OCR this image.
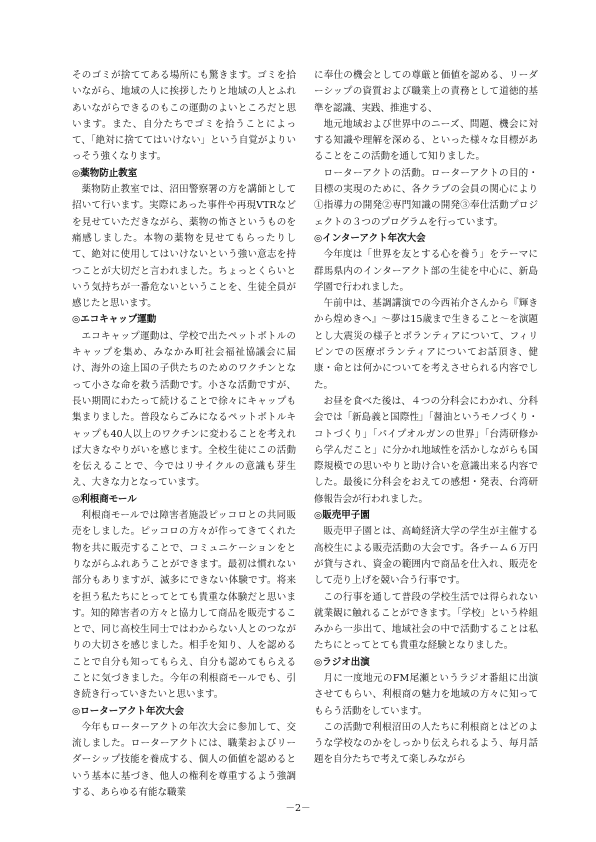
そのゴミが捨ててある場所にも驚きます。ゴミを拾いながら、地域の人に挨拶したりと地域の人とふれあいながらできるのもこの運動のよいところだと思います。また、自分たちでゴミを拾うことによって、「絶対に捨ててはいけない」という自覚がよりいっそう強くなります。

◎薬物防止教室

薬物防止教室では、沼田警察署の方を講師として招いて行います。実際にあった事件や再現VTRなどを見せていただきながら、薬物の怖さというものを痛感しました。本物の薬物を見せてもらったりして、絶対に使用してはいけないという強い意志を持つことが大切だと言われました。ちょっとくらいという気持ちが一番危ないということを、生徒全員が感じたと思います。

◎エコキャップ運動

エコキャップ運動は、学校で出たペットボトルのキャップを集め、みなかみ町社会福祉協議会に届け、海外の途上国の子供たちのためのワクチンとなって小さな命を救う活動です。小さな活動ですが、長い期間にわたって続けることで徐々にキャップも集まりました。普段ならごみになるペットボトルキャップも40人以上のワクチンに変わることを考えれば大きなやりがいを感じます。全校生徒にこの活動を伝えることで、今ではリサイクルの意識も芽生え、大きな力となっています。

◎利根商モール

利根商モールでは障害者施設ピッコロとの共同販売をしました。ピッコロの方々が作ってきてくれた物を共に販売することで、コミュニケーションをとりながらふれあうことができます。最初は慣れない部分もありますが、滅多にできない体験です。将来を担う私たちにとってとても貴重な体験だと思います。知的障害者の方々と協力して商品を販売することで、同じ高校生同士ではわからない人とのつながりの大切さを感じました。相手を知り、人を認めることで自分も知ってもらえ、自分も認めてもらえることに気づきました。今年の利根商モールでも、引き続き行っていきたいと思います。

◎ローターアクト年次大会

今年もローターアクトの年次大会に参加して、交流しました。ローターアクトには、職業およびリーダーシップ技能を養成する、個人の価値を認めるという基本に基づき、他人の権利を尊重するよう強調する、あらゆる有能な職業

に奉仕の機会としての尊厳と価値を認める、リーダーシップの資質および職業上の責務として道徳的基準を認識、実践、推進する、

地元地域および世界中のニーズ、問題、機会に対する知識や理解を深める、といった様々な目標があることをこの活動を通して知りました。

ローターアクトの活動。ローターアクトの目的・目標の実現のために、各クラブの会員の関心により①指導力の開発②専門知識の開発③奉仕活動プロジェクトの３つのプログラムを行っています。

◎インターアクト年次大会

今年度は「世界を友とする心を養う」をテーマに群馬県内のインターアクト部の生徒を中心に、新島学園で行われました。

午前中は、基調講演での今西祐介さんから『輝きから煌めきへ』～夢は15歳まで生きること～を演題とし大震災の様子とボランティアについて、フィリピンでの医療ボランティアについてお話頂き、健康・命とは何かについてを考えさせられる内容でした。

お昼を食べた後は、４つの分科会にわかれ、分科会では「新島義と国際性」「醤油というモノづくり・コトづくり」「パイプオルガンの世界」「台湾研修から学んだこと」に分かれ地域性を活かしながらも国際規模での思いやりと助け合いを意識出来る内容でした。最後に分科会をおえての感想・発表、台湾研修報告会が行われました。

◎販売甲子園

販売甲子園とは、高崎経済大学の学生が主催する高校生による販売活動の大会です。各チーム６万円が貸与され、資金の範囲内で商品を仕入れ、販売をして売り上げを競い合う行事です。

この行事を通して普段の学校生活では得られない就業観に触れることができます。「学校」という枠組みから一歩出て、地域社会の中で活動することは私たちにとってとても貴重な経験となりました。

◎ラジオ出演

月に一度地元のFM尾瀬というラジオ番組に出演させてもらい、利根商の魅力を地域の方々に知ってもらう活動をしています。

この活動で利根沼田の人たちに利根商とはどのような学校なのかをしっかり伝えられるよう、毎月話題を自分たちで考えて楽しみながら

－2－
